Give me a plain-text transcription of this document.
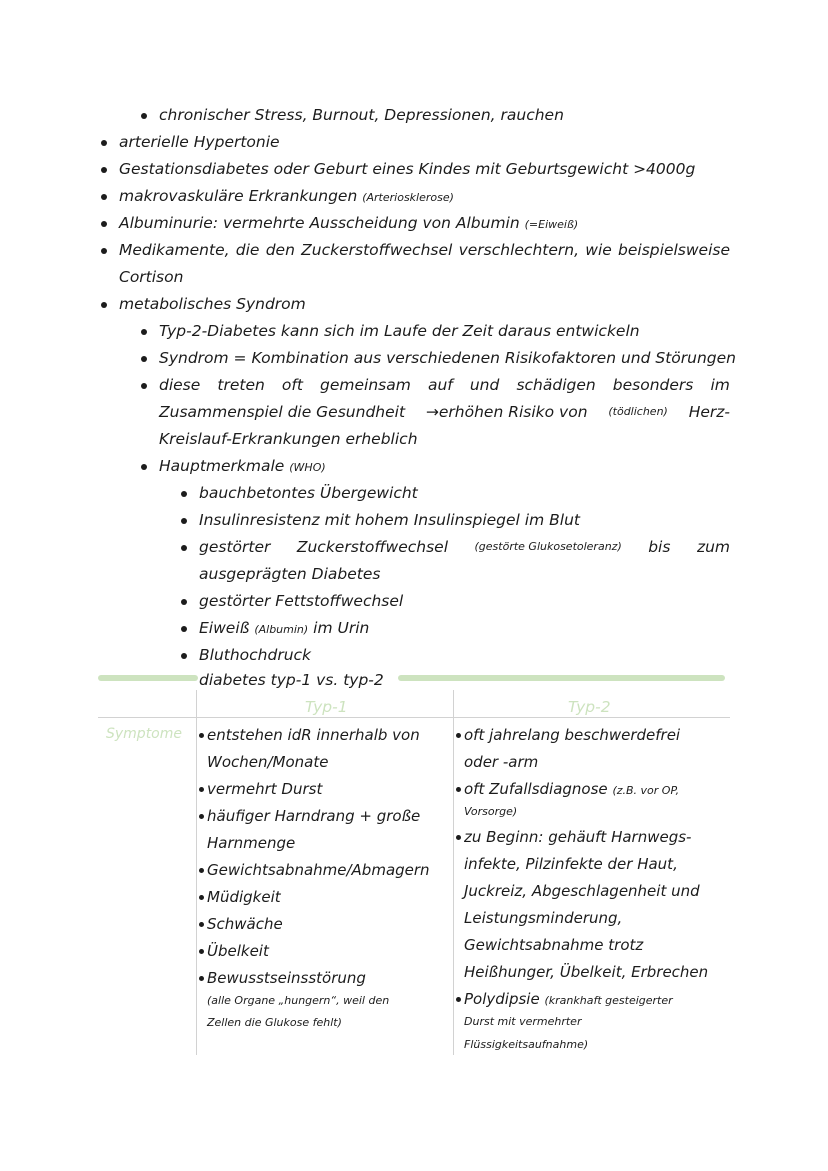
chronischer Stress, Burnout, Depressionen, rauchen
arterielle Hypertonie
Gestationsdiabetes oder Geburt eines Kindes mit Geburtsgewicht >4000g
makrovaskuläre Erkrankungen (Arteriosklerose)
Albuminurie: vermehrte Ausscheidung von Albumin (=Eiweiß)
Medikamente, die den Zuckerstoffwechsel verschlechtern, wie beispielsweise
Cortison
metabolisches Syndrom
Typ-2-Diabetes kann sich im Laufe der Zeit daraus entwickeln
Syndrom = Kombination aus verschiedenen Risikofaktoren und Störungen
diese treten oft gemeinsam auf und schädigen besonders im
Zusammenspiel die Gesundheit →erhöhen Risiko von (tödlichen) Herz-
Kreislauf-Erkrankungen erheblich
Hauptmerkmale (WHO)
bauchbetontes Übergewicht
Insulinresistenz mit hohem Insulinspiegel im Blut
gestörter Zuckerstoffwechsel (gestörte Glukosetoleranz) bis zum
ausgeprägten Diabetes
gestörter Fettstoffwechsel
Eiweiß (Albumin) im Urin
Bluthochdruck
diabetes typ-1 vs. typ-2
Typ-1	Typ-2
Symptome entstehen idR innerhalb von
Wochen/Monate
vermehrt Durst
häufiger Harndrang + große
Harnmenge
Gewichtsabnahme/Abmagern
Müdigkeit
Schwäche
Übelkeit
Bewusstseinsstörung
(alle Organe „hungern“, weil den
Zellen die Glukose fehlt)
oft jahrelang beschwerdefrei
oder -arm
oft Zufallsdiagnose (z.B. vor OP,
Vorsorge)
zu Beginn: gehäuft Harnwegs-
infekte, Pilzinfekte der Haut,
Juckreiz, Abgeschlagenheit und
Leistungsminderung,
Gewichtsabnahme trotz
Heißhunger, Übelkeit, Erbrechen
Polydipsie (krankhaft gesteigerter
Durst mit vermehrter
Flüssigkeitsaufnahme)
